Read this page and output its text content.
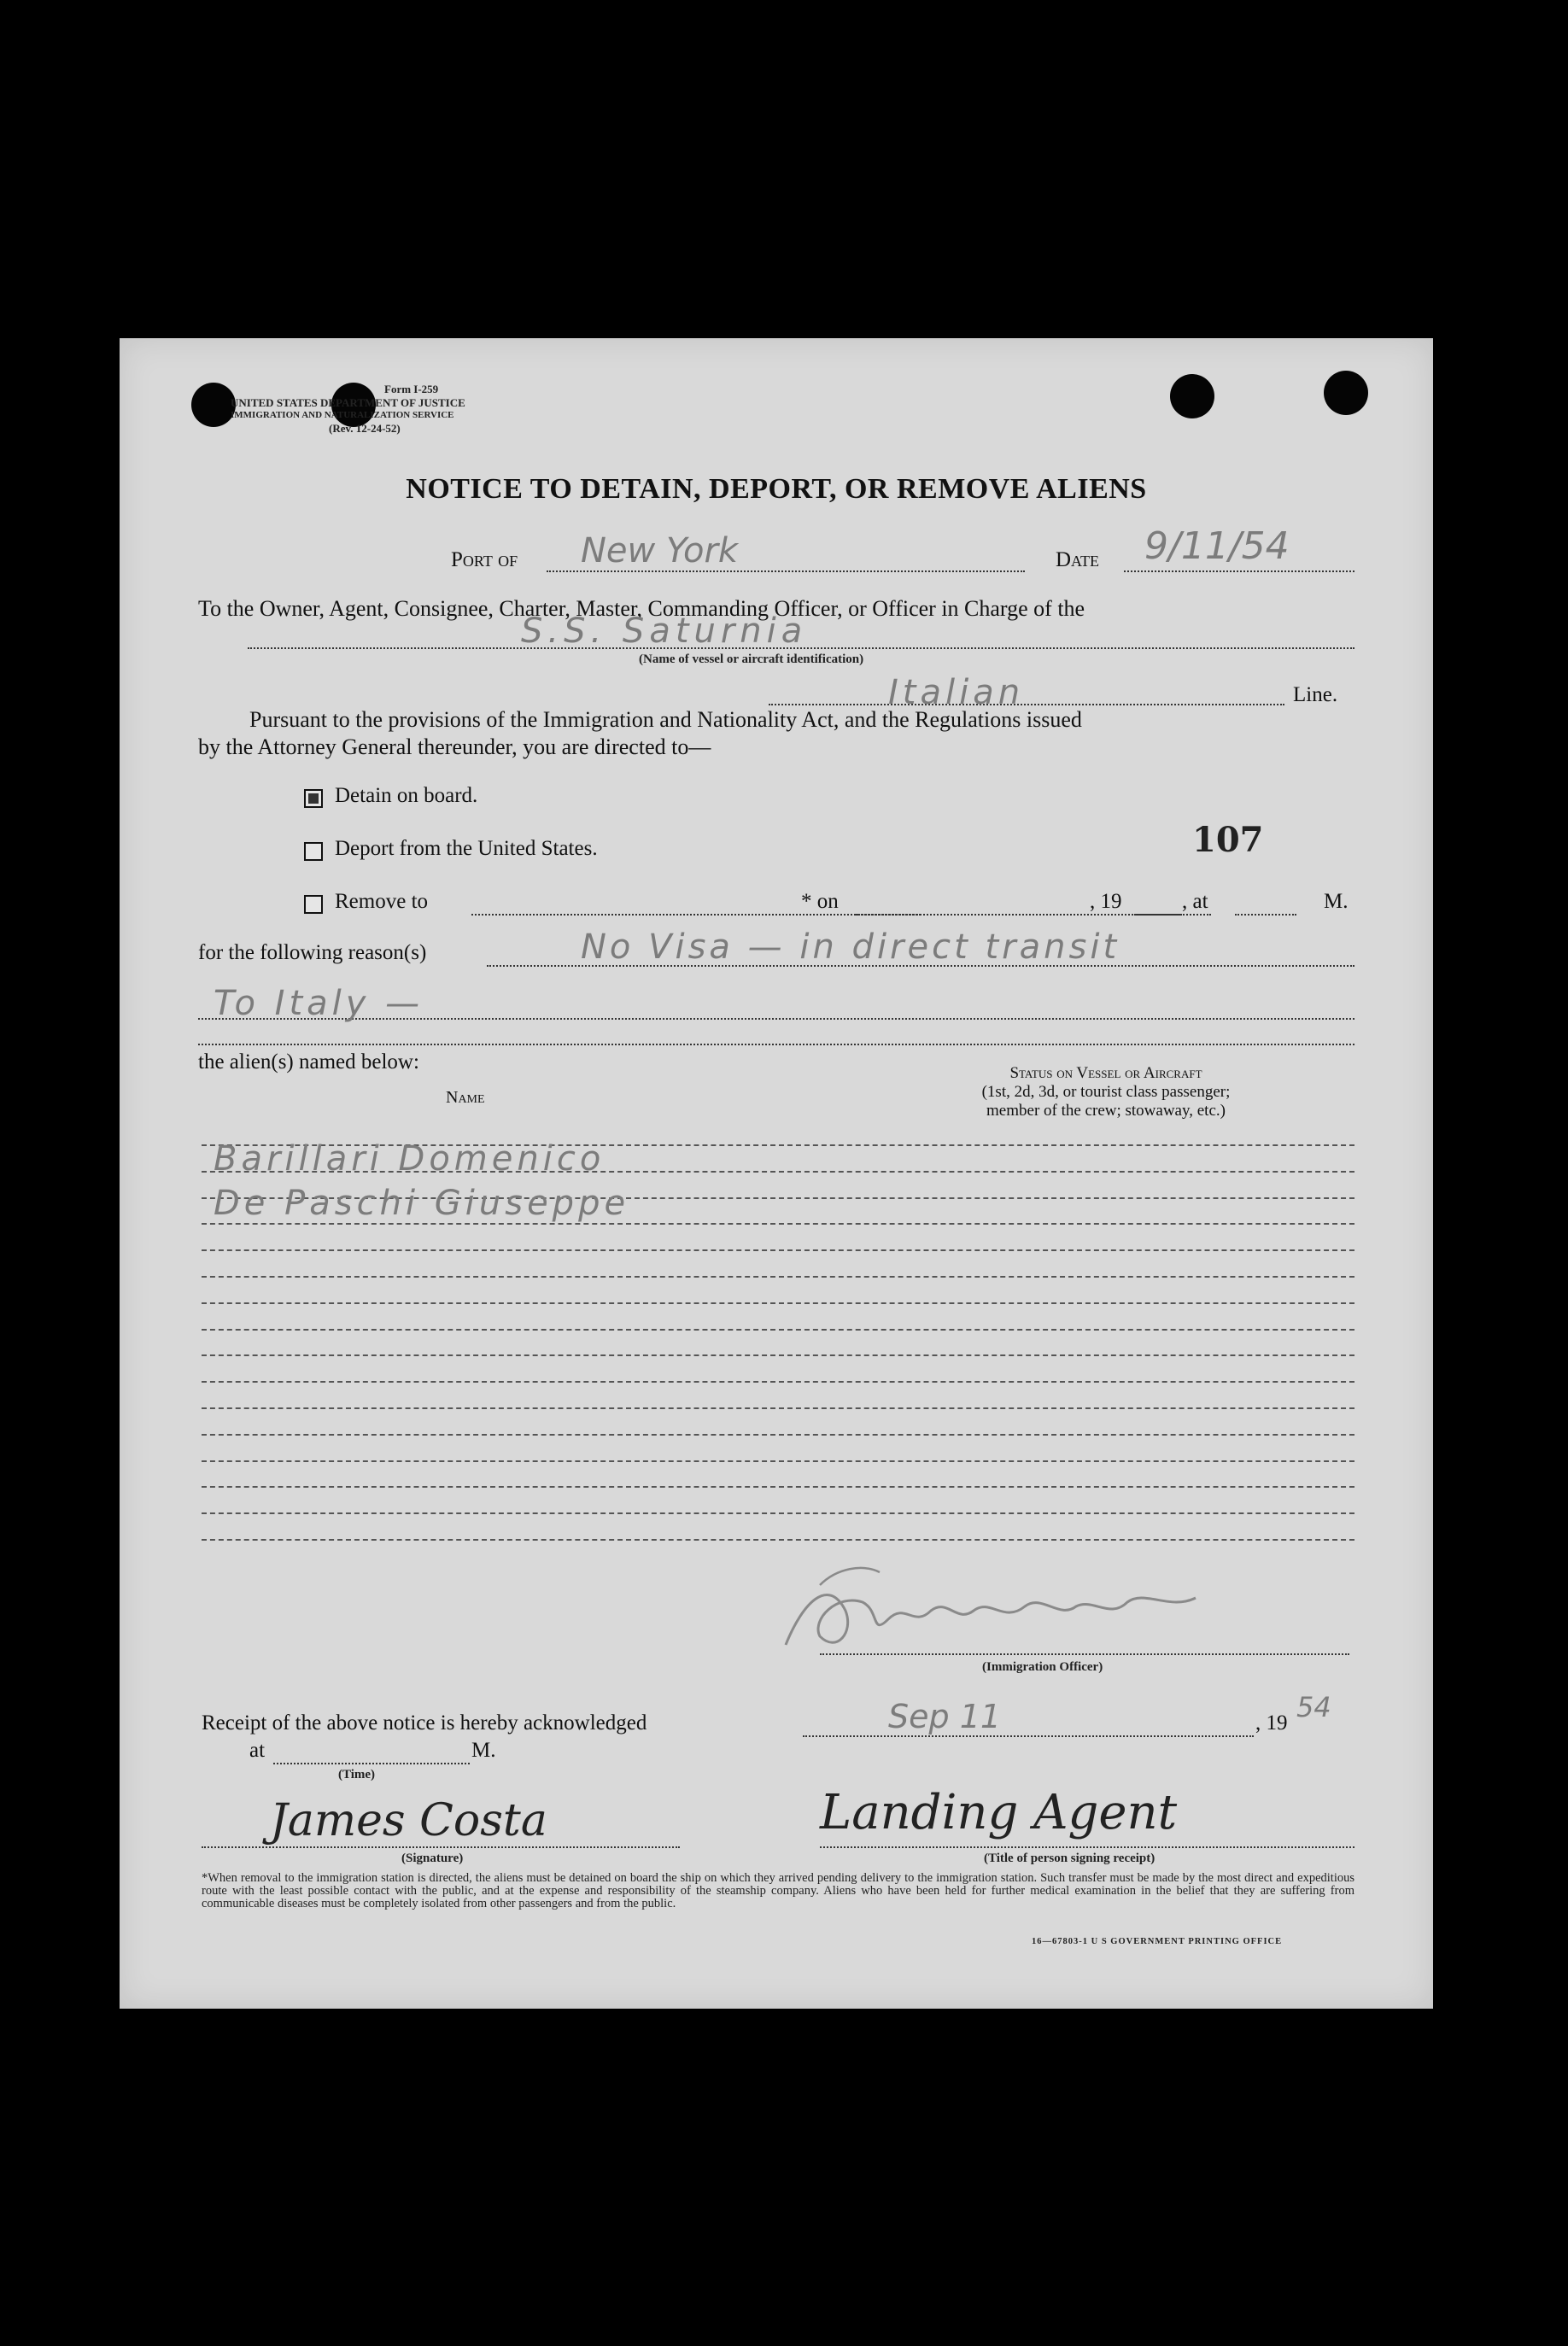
Form I-259
UNITED STATES DEPARTMENT OF JUSTICE
IMMIGRATION AND NATURALIZATION SERVICE
(Rev. 12-24-52)
NOTICE TO DETAIN, DEPORT, OR REMOVE ALIENS
Port of New York	Date 9/11/54
To the Owner, Agent, Consignee, Charter, Master, Commanding Officer, or Officer in Charge of the
S.S. Saturnia
(Name of vessel or aircraft identification)
Italian	Line.
Pursuant to the provisions of the Immigration and Nationality Act, and the Regulations issued
by the Attorney General thereunder, you are directed to—
Detain on board.
Deport from the United States.	107
Remove to	* on	, 19	, at	M.
for the following reason(s)	No Visa — in direct transit
To Italy —
the alien(s) named below:
Name
Status on Vessel or Aircraft
(1st, 2d, 3d, or tourist class passenger;
member of the crew; stowaway, etc.)
Barillari Domenico
De Paschi Giuseppe
(Immigration Officer)
Receipt of the above notice is hereby acknowledged	Sep 11	, 19 54
at	M.
(Time)
James Costa
(Signature)
Landing Agent
(Title of person signing receipt)
*When removal to the immigration station is directed, the aliens must be detained on board the ship on which they arrived pending delivery to the immigration station. Such transfer must be made by the most direct and expeditious route with the least possible contact with the public, and at the expense and responsibility of the steamship company. Aliens who have been held for further medical examination in the belief that they are suffering from communicable diseases must be completely isolated from other passengers and from the public.
16—67803-1 U S GOVERNMENT PRINTING OFFICE
